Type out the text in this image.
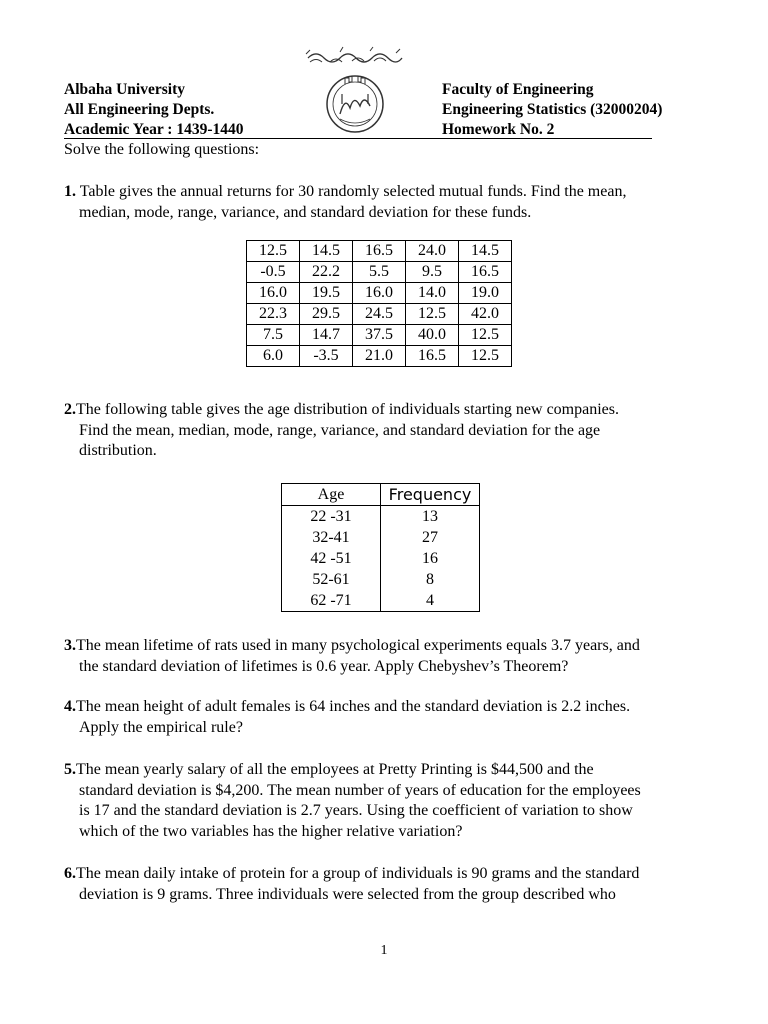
Albaha University
All Engineering Depts.
Academic Year : 1439-1440
Faculty of Engineering
Engineering Statistics (32000204)
Homework No. 2
Solve the following questions:
1. Table gives the annual returns for 30 randomly selected mutual funds. Find the mean,
median, mode, range, variance, and standard deviation for these funds.
12.5	14.5	16.5	24.0	14.5
-0.5	22.2	5.5	9.5	16.5
16.0	19.5	16.0	14.0	19.0
22.3	29.5	24.5	12.5	42.0
7.5	14.7	37.5	40.0	12.5
6.0	-3.5	21.0	16.5	12.5
2.The following table gives the age distribution of individuals starting new companies.
Find the mean, median, mode, range, variance, and standard deviation for the age
distribution.
Age	Frequency
22 -31	13
32-41	27
42 -51	16
52-61	8
62 -71	4
3.The mean lifetime of rats used in many psychological experiments equals 3.7 years, and
the standard deviation of lifetimes is 0.6 year. Apply Chebyshev’s Theorem?
4.The mean height of adult females is 64 inches and the standard deviation is 2.2 inches.
Apply the empirical rule?
5.The mean yearly salary of all the employees at Pretty Printing is $44,500 and the
standard deviation is $4,200. The mean number of years of education for the employees
is 17 and the standard deviation is 2.7 years. Using the coefficient of variation to show
which of the two variables has the higher relative variation?
6.The mean daily intake of protein for a group of individuals is 90 grams and the standard
deviation is 9 grams. Three individuals were selected from the group described who
1
